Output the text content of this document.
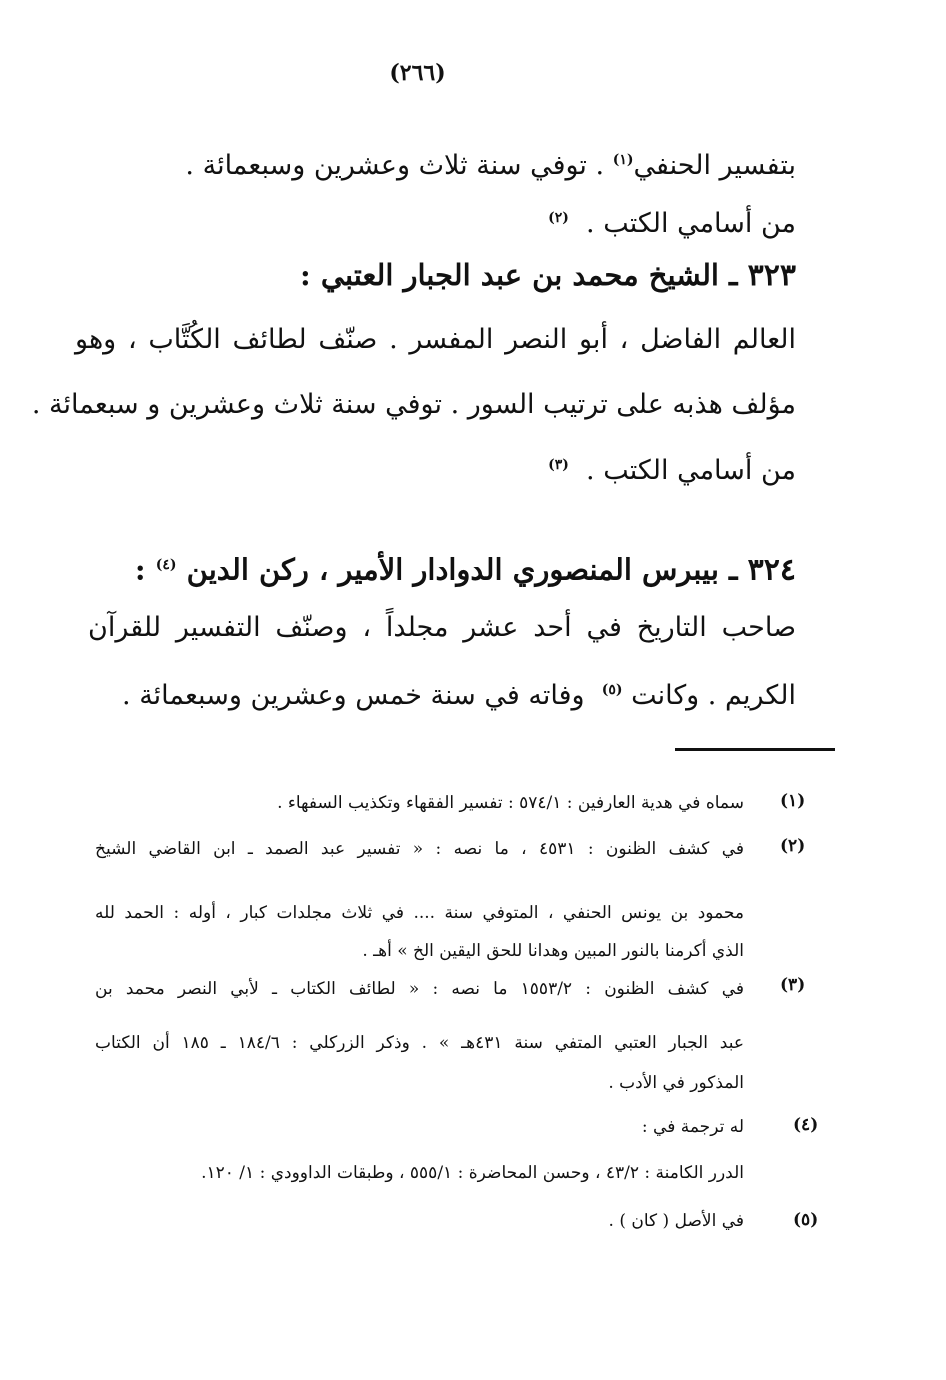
(٢٦٦)
بتفسير الحنفي$^{(١)}$ . توفي سنة ثلاث وعشرين وسبعمائة .
من أسامي الكتب .  $^{(٢)}$
٣٢٣ ـ الشيخ محمد بن عبد الجبار العتبي :
العالم الفاضل ، أبو النصر المفسر . صنّف لطائف الكُتَّاب ، وهو
مؤلف هذبه على ترتيب السور . توفي سنة ثلاث وعشرين و سبعمائة .
من أسامي الكتب .  $^{(٣)}$
٣٢٤ ـ بيبرس المنصوري الدوادار الأمير ، ركن الدين $^{(٤)}$ :
صاحب التاريخ في أحد عشر مجلداً ، وصنّف التفسير للقرآن
الكريم . وكانت $^{(٥)}$  وفاته في سنة خمس وعشرين وسبعمائة .
(١)
سماه في هدية العارفين : ٥٧٤/١ : تفسير الفقهاء وتكذيب السفهاء .
(٢)
في كشف الظنون : ٤٥٣١ ، ما نصه : « تفسير عبد الصمد ـ ابن القاضي الشيخ
محمود بن يونس الحنفي ، المتوفي سنة .... في ثلاث مجلدات كبار ، أوله : الحمد لله
الذي أكرمنا بالنور المبين وهدانا للحق اليقين الخ » أهـ .
(٣)
في كشف الظنون : ١٥٥٣/٢ ما نصه : « لطائف الكتاب ـ لأبي النصر محمد بن
عبد الجبار العتبي المتفي سنة ٤٣١هـ » . وذكر الزركلي : ١٨٤/٦ ـ ١٨٥ أن الكتاب
المذكور في الأدب .
(٤)
له ترجمة في :
الدرر الكامنة : ٤٣/٢ ، وحسن المحاضرة : ٥٥٥/١ ، وطبقات الداوودي : ١/ ١٢٠.
(٥)
في الأصل ( كان ) .
